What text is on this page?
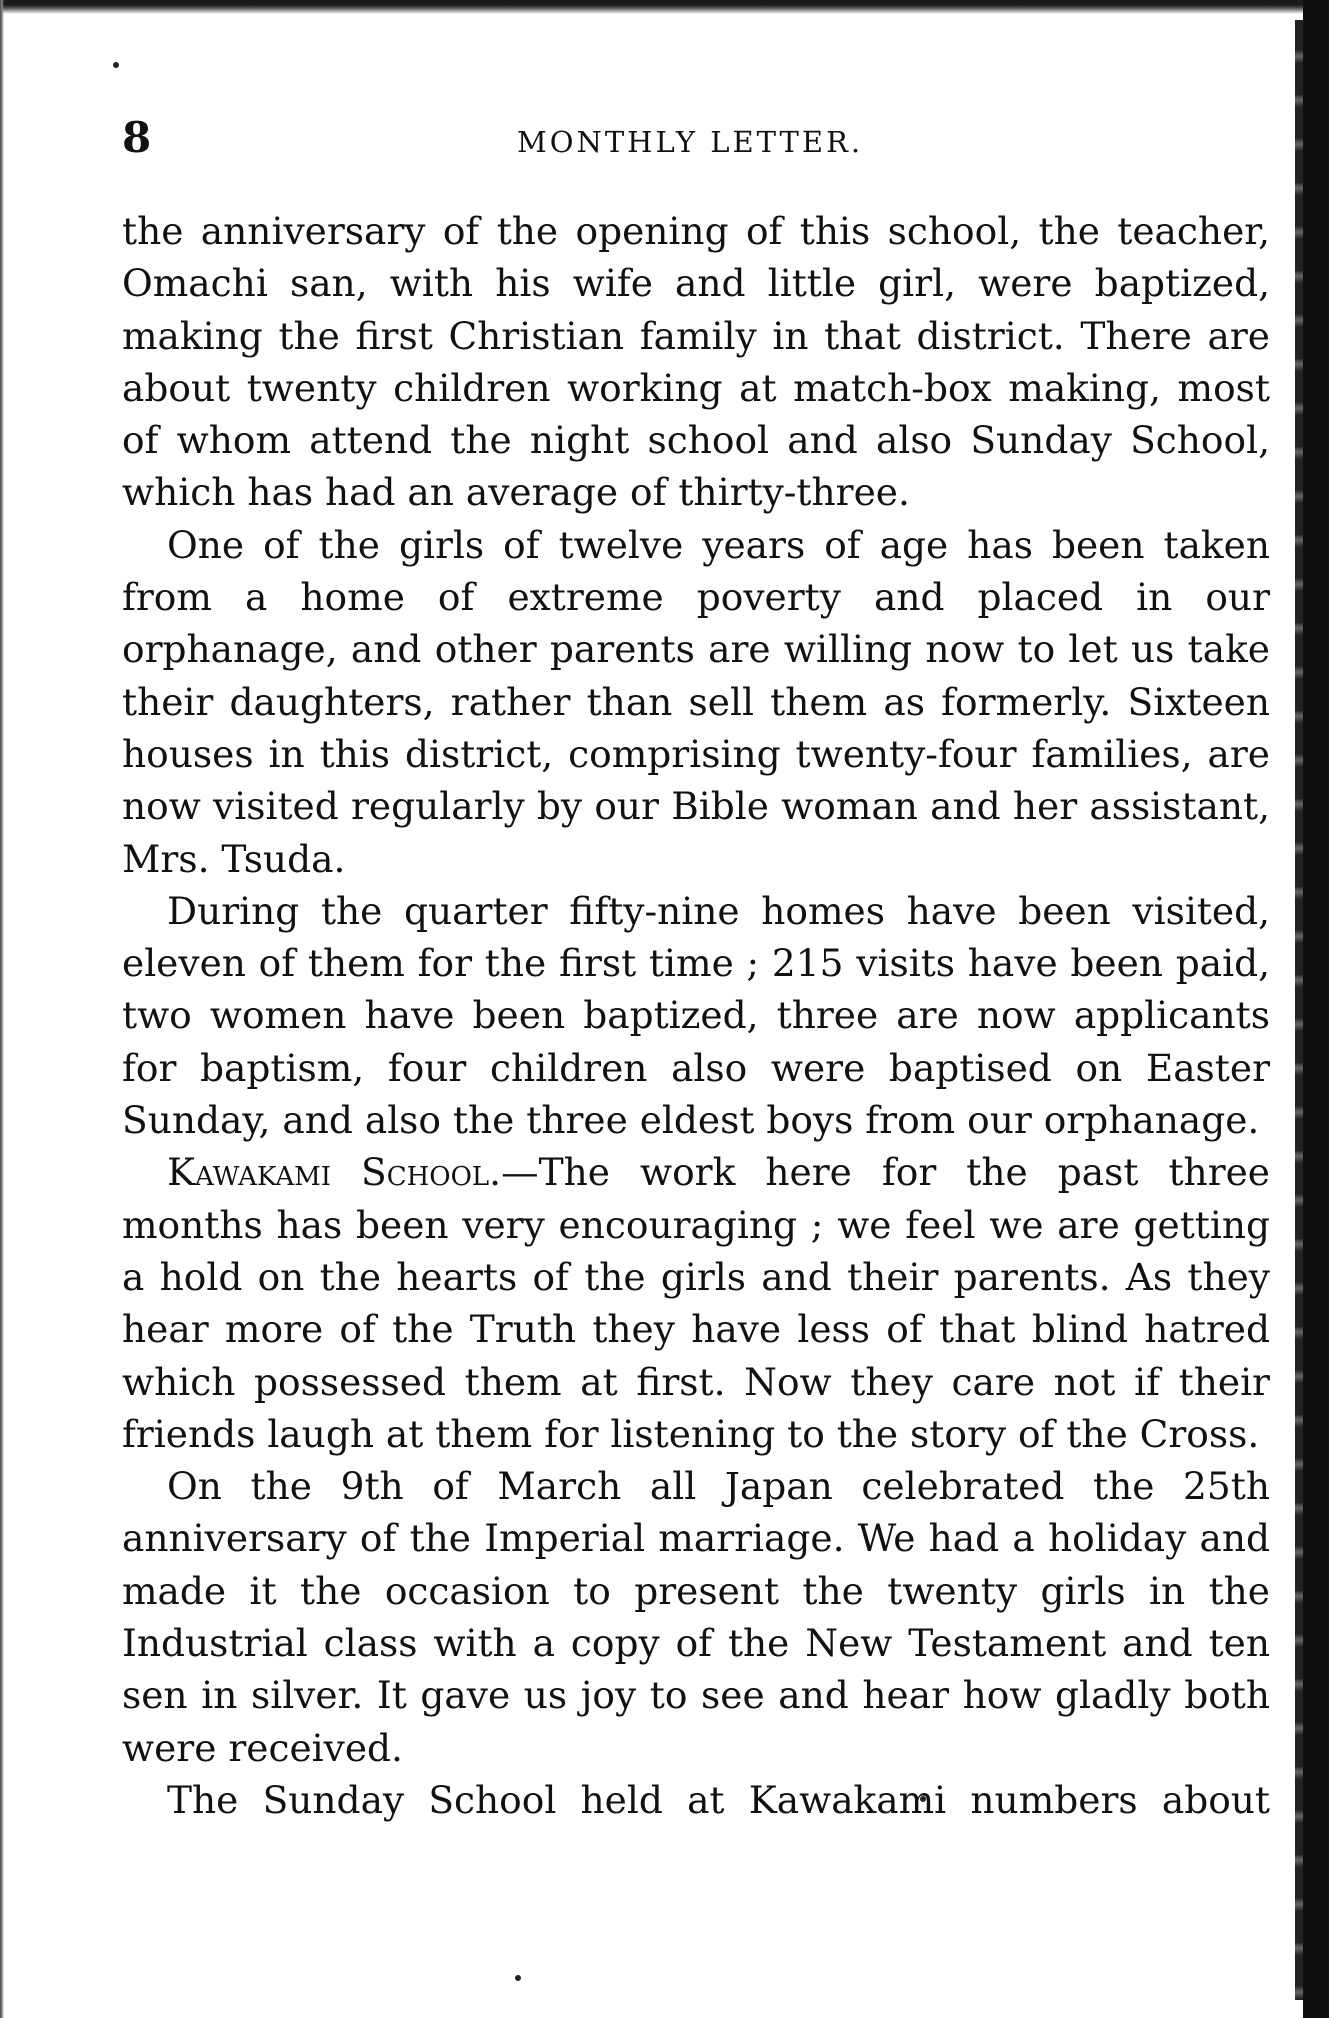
8	MONTHLY LETTER.

the anniversary of the opening of this school, the teacher, Omachi san, with his wife and little girl, were baptized, making the first Christian family in that district. There are about twenty children working at match-box making, most of whom attend the night school and also Sunday School, which has had an average of thirty-three.

One of the girls of twelve years of age has been taken from a home of extreme poverty and placed in our orphanage, and other parents are willing now to let us take their daughters, rather than sell them as formerly. Sixteen houses in this district, comprising twenty-four families, are now visited regularly by our Bible woman and her assistant, Mrs. Tsuda.

During the quarter fifty-nine homes have been visited, eleven of them for the first time ; 215 visits have been paid, two women have been baptized, three are now applicants for baptism, four children also were baptised on Easter Sunday, and also the three eldest boys from our orphanage.

Kawakami School.—The work here for the past three months has been very encouraging ; we feel we are getting a hold on the hearts of the girls and their parents. As they hear more of the Truth they have less of that blind hatred which possessed them at first. Now they care not if their friends laugh at them for listening to the story of the Cross.

On the 9th of March all Japan celebrated the 25th anniversary of the Imperial marriage. We had a holiday and made it the occasion to present the twenty girls in the Industrial class with a copy of the New Testament and ten sen in silver. It gave us joy to see and hear how gladly both were received.

The Sunday School held at Kawakami numbers about
